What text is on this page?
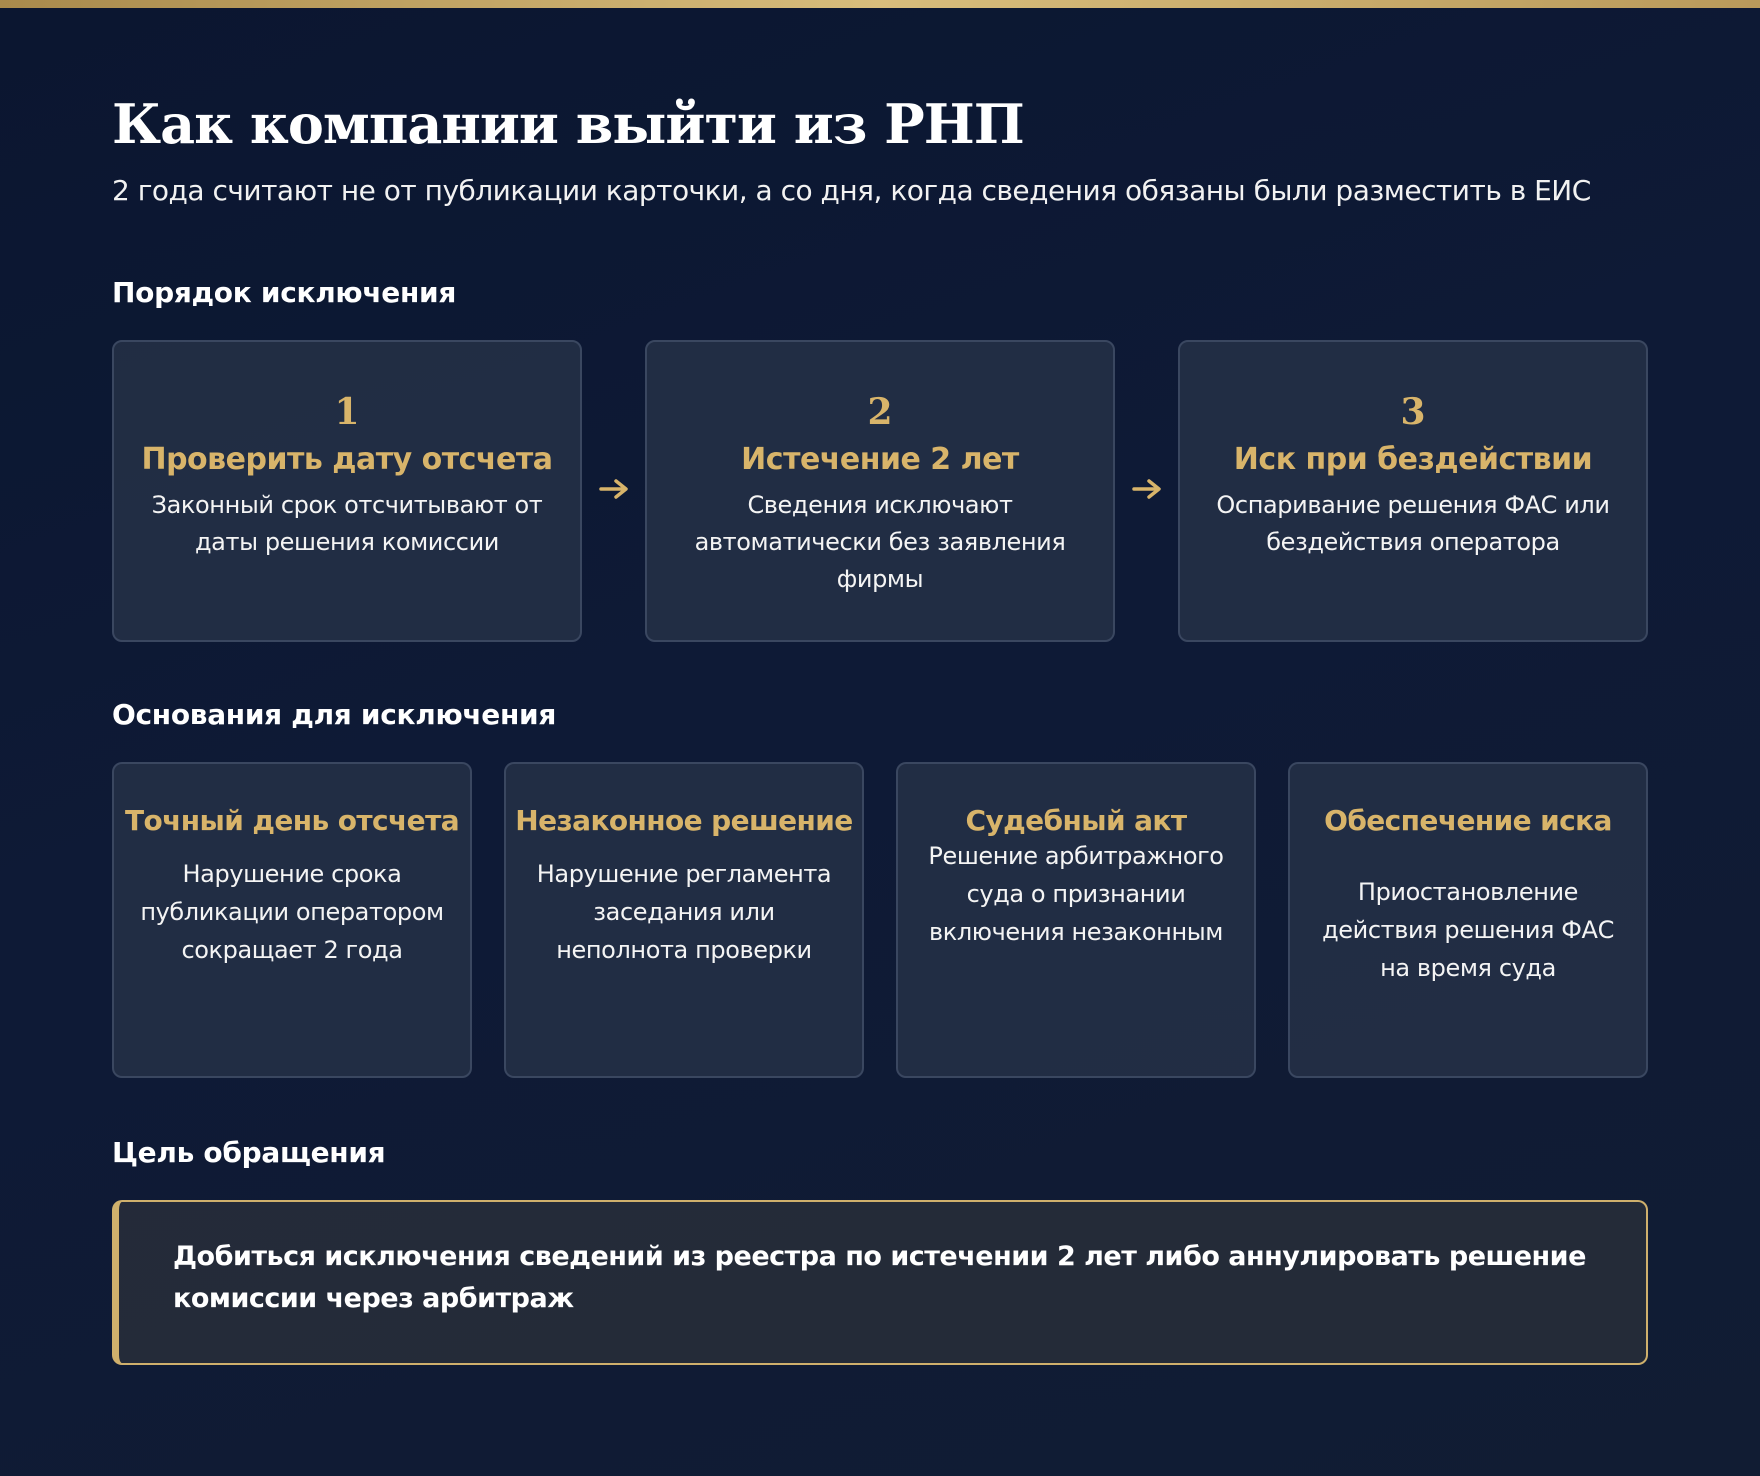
Как компании выйти из РНП
2 года считают не от публикации карточки, а со дня, когда сведения обязаны были разместить в ЕИС
Порядок исключения
1
Проверить дату отсчета
Законный срок отсчитывают от даты решения комиссии
2
Истечение 2 лет
Сведения исключают автоматически без заявления фирмы
3
Иск при бездействии
Оспаривание решения ФАС или бездействия оператора
Основания для исключения
Точный день отсчета
Нарушение срока публикации оператором сокращает 2 года
Незаконное решение
Нарушение регламента заседания или неполнота проверки
Судебный акт
Решение арбитражного суда о признании включения незаконным
Обеспечение иска
Приостановление действия решения ФАС на время суда
Цель обращения
Добиться исключения сведений из реестра по истечении 2 лет либо аннулировать решение комиссии через арбитраж
